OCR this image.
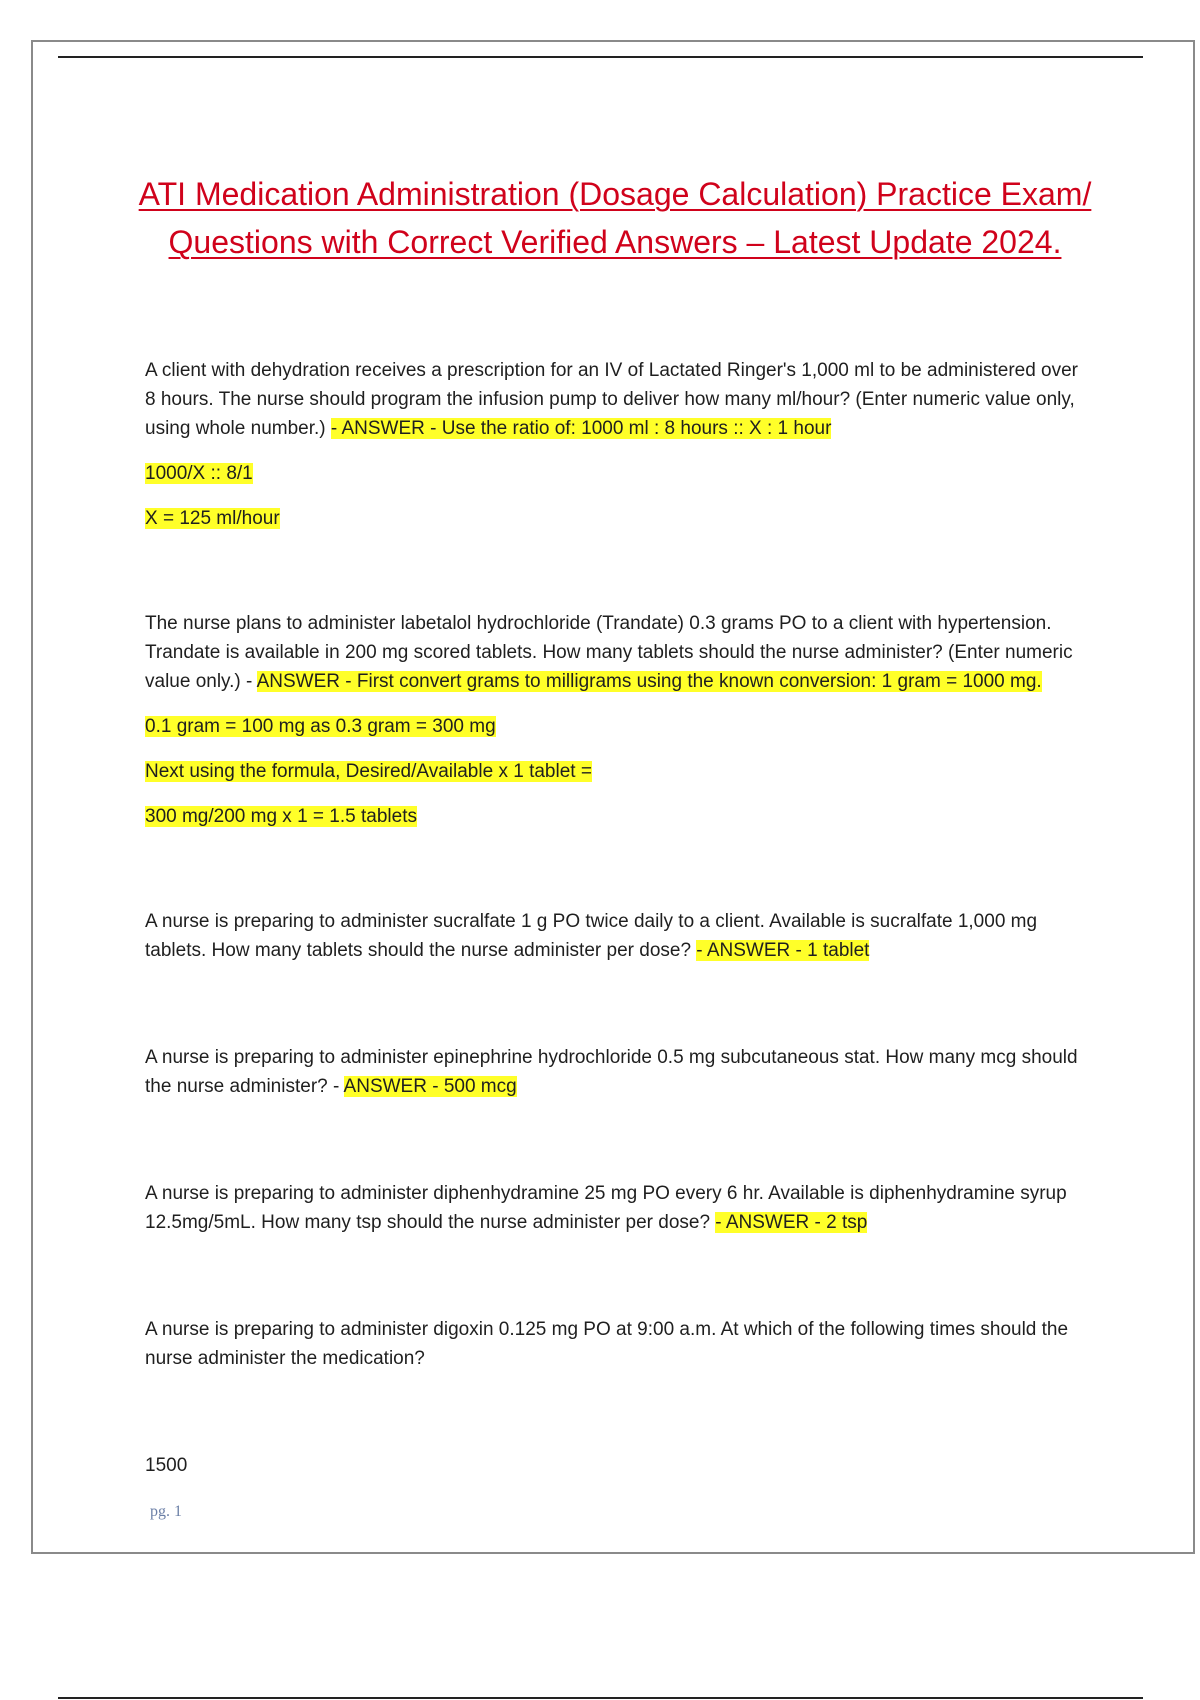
ATI Medication Administration (Dosage Calculation) Practice Exam/ Questions with Correct Verified Answers – Latest Update 2024.

A client with dehydration receives a prescription for an IV of Lactated Ringer's 1,000 ml to be administered over 8 hours. The nurse should program the infusion pump to deliver how many ml/hour? (Enter numeric value only, using whole number.) - ANSWER - Use the ratio of: 1000 ml : 8 hours :: X : 1 hour

1000/X :: 8/1

X = 125 ml/hour

The nurse plans to administer labetalol hydrochloride (Trandate) 0.3 grams PO to a client with hypertension. Trandate is available in 200 mg scored tablets. How many tablets should the nurse administer? (Enter numeric value only.) - ANSWER - First convert grams to milligrams using the known conversion: 1 gram = 1000 mg.

0.1 gram = 100 mg as 0.3 gram = 300 mg

Next using the formula, Desired/Available x 1 tablet =

300 mg/200 mg x 1 = 1.5 tablets

A nurse is preparing to administer sucralfate 1 g PO twice daily to a client. Available is sucralfate 1,000 mg tablets. How many tablets should the nurse administer per dose? - ANSWER - 1 tablet

A nurse is preparing to administer epinephrine hydrochloride 0.5 mg subcutaneous stat. How many mcg should the nurse administer? - ANSWER - 500 mcg

A nurse is preparing to administer diphenhydramine 25 mg PO every 6 hr. Available is diphenhydramine syrup 12.5mg/5mL. How many tsp should the nurse administer per dose? - ANSWER - 2 tsp

A nurse is preparing to administer digoxin 0.125 mg PO at 9:00 a.m. At which of the following times should the nurse administer the medication?

1500

pg. 1
